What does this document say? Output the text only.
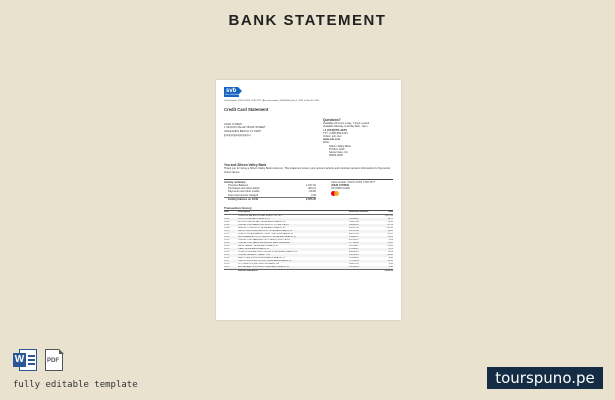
BANK STATEMENT
svb
Silicon Valley Bank
Card number: XXXX XXXX 7749 7077 | Account number: 00000000 | Nov 1, 2021 to Nov 30, 2021
Credit Card Statement
JOHN CITIZEN
1 SILICON VALLEY BANK STREET
HIGHLANDS BEACH, FL 33487
|||ıı|ı||ı|ıı|ı||ı|ıı||ı|ı|ı|||ı|ı|ıı|
Questions?
Available 24 hours a day, 7 days a week
Available Monday to Friday 8am - 6pm
+1 (510)555-4970
TTY: 1-800-555-1234
Online: svb.com
www.svb.com
Write:
Silicon Valley Bank
PO Box 1234
Santa Clara, CA
95054-0000
You and Silicon Valley Bank
Thank you for being a Silicon Valley Bank customer. This statement covers your account activity and important account information for the period shown above.
Activity summary
Previous Balance	1,047.91
Purchases and other debits	463.14
Payments and other credits	-59.00
Fees and interest charged	0.00
Ending balance on 11/30	2,585.35
Card number: XXXX XXXX 7749 7077
JOHN CITIZEN
US WSM CARD
Transaction history
Date	Description	Reference Number	Total
	OPENING BALANCE BLAH BLAH 7749 7077		1,047.91
11/01	FOOD, HIGHLANDS BEACH, FL	74538810	48.11
11/03	BOOKSTORE RETAIL, HIGHLANDS BEACH, FL	13357788	29.50
11/05	ONLINE PURCHASE 0000 SUPPLY STORE CA US	24859923	61.19
11/08	RESORT COMPLETE, HIGHLANDS BEACH, FL	93287145	120.00
11/10	TAXI & LIMOUSINE SERVICE - HIGHLAND BEACH, FL	59731204	18.40
11/12	PUBLIX SUPER MARKET #0001 - HILLSIDE BEACH FL	66237783	42.07
11/14	SUPERMARKET FOOD SERVICE, HIGHLAND BEACH, FL	15569021	31.85
11/16	ONLINE PURCHASE APPLE.COM/BILL 0000 CA US	80214475	9.99
11/18	ONLINE PURCHASE MEDIA WEB SALE HIGHLAND	37716290	12.00
11/20	PALM TRAVEL, HIGHLANDS BEACH, FL	21149087	35.00
11/21	CAFE, HIGHLANDS BEACH, FL	47208811	8.25
11/23	COMPUTERS AND ELECTRONICS, HIGHLAND BEACH, FL	88096432	15.98
11/25	ONLINE PAYMENT THANK YOU	26570019	-59.00
11/26	SHELL GAS STATION HIGHLANDS BEACH, FL	11094483	6.80
11/27	OFFICE SUPPLIES OFFICE, HIGHLANDS BEACH, FL	77120903	10.50
11/28	CLOTHING STORE, NEW ORLEANS, LA	54487216	9.00
11/29	RESTAURANT EXPRESS, HIGHLANDS BEACH, FL	62018835	4.50
	ENDING BALANCE		2,585.35
W	PDF
fully editable template	tourspuno.pe
